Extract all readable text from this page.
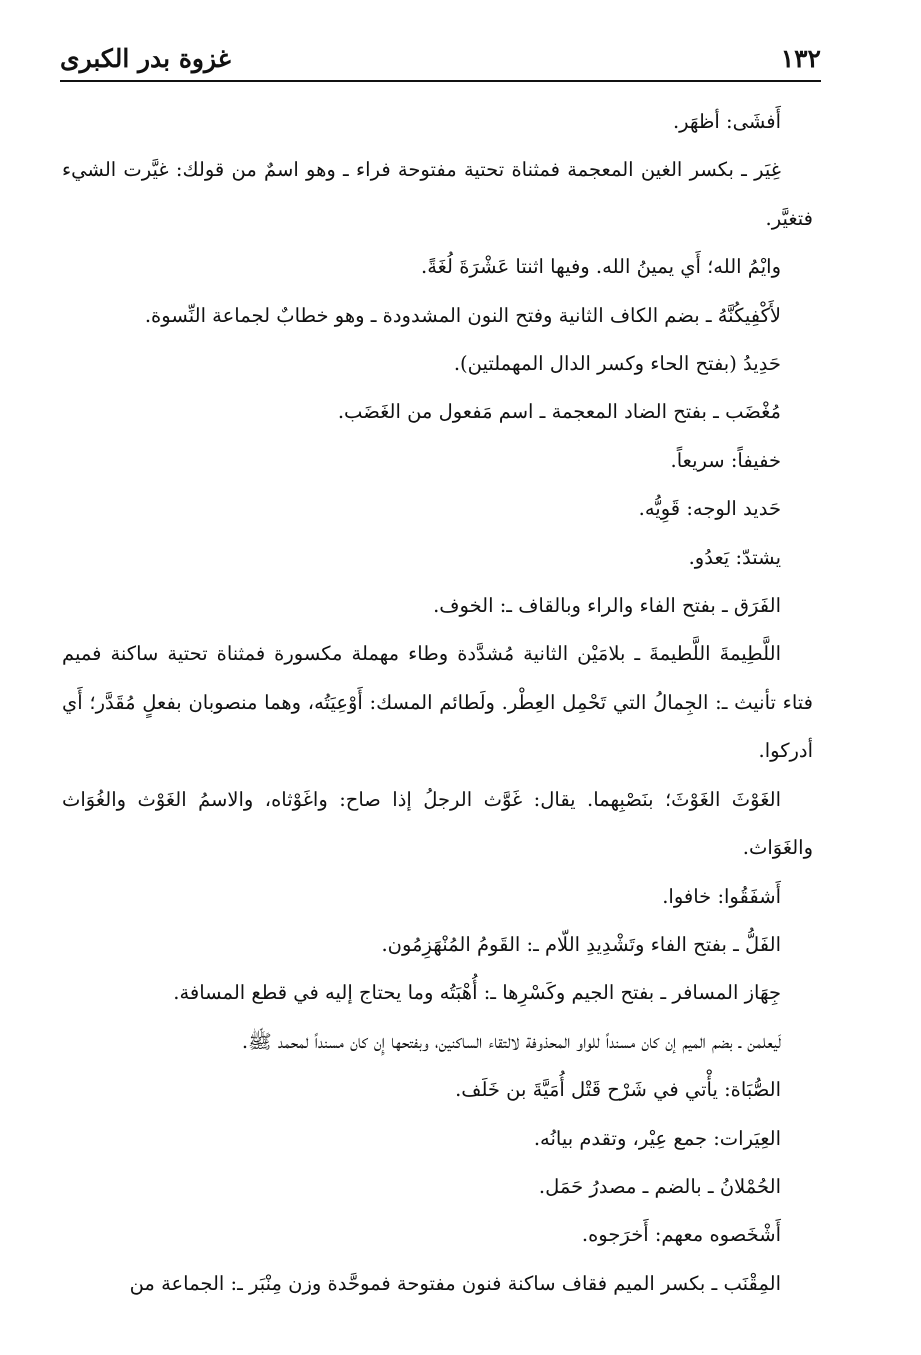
١٣٢
غزوة بدر الكبرى

أَفشَى: أظهَر.

غِيَر ـ بكسر الغين المعجمة فمثناة تحتية مفتوحة فراء ـ وهو اسمٌ من قولك: غيَّرت الشيء فتغيَّر.

وايْمُ الله؛ أَي يمينُ الله. وفيها اثنتا عَشْرَةَ لُغَةً.

لأَكْفِيكُنَّهُ ـ بضم الكاف الثانية وفتح النون المشدودة ـ وهو خطابٌ لجماعة النِّسوة.

حَدِيدُ (بفتح الحاء وكسر الدال المهملتين).

مُغْضَب ـ بفتح الضاد المعجمة ـ اسم مَفعول من الغَضَب.

خفيفاً: سريعاً.

حَديد الوجه: قَوِيُّه.

يشتدّ: يَعدُو.

الفَرَق ـ بفتح الفاء والراء وبالقاف ـ: الخوف.

اللَّطِيمةَ اللَّطيمةَ ـ بلامَيْن الثانية مُشدَّدة وطاء مهملة مكسورة فمثناة تحتية ساكنة فميم فتاء تأنيث ـ: الجِمالُ التي تَحْمِل العِطْر. ولَطائم المسك: أَوْعِيَتُه، وهما منصوبان بفعلٍ مُقَدَّر؛ أَي أدركوا.

الغَوْثَ الغَوْثَ؛ بنَصْبِهما. يقال: غَوَّث الرجلُ إذا صاح: واغَوْثاه، والاسمُ الغَوْث والغُوَاث والغَوَاث.

أَشفَقُوا: خافوا.

الفَلُّ ـ بفتح الفاء وتَشْدِيدِ اللّام ـ: القَومُ المُنْهَزِمُون.

جِهَاز المسافر ـ بفتح الجيم وكَسْرِها ـ: أُهْبَتُه وما يحتاج إليه في قطع المسافة.

لَيعلمن ـ بضم الميم إن كان مسنداً للواو المحذوفة لالتقاء الساكنين، وبفتحها إِن كان مسنداً لمحمد ﷺ.

الصُّبَاة: يأْتي في شَرْح قَتْل أُمَيَّةَ بن خَلَف.

العِيَرات: جمع عِيْر، وتقدم بيانُه.

الحُمْلانُ ـ بالضم ـ مصدرُ حَمَل.

أَشْخَصوه معهم: أَخرَجوه.

المِقْنَب ـ بكسر الميم فقاف ساكنة فنون مفتوحة فموحَّدة وزن مِنْبَر ـ: الجماعة من
